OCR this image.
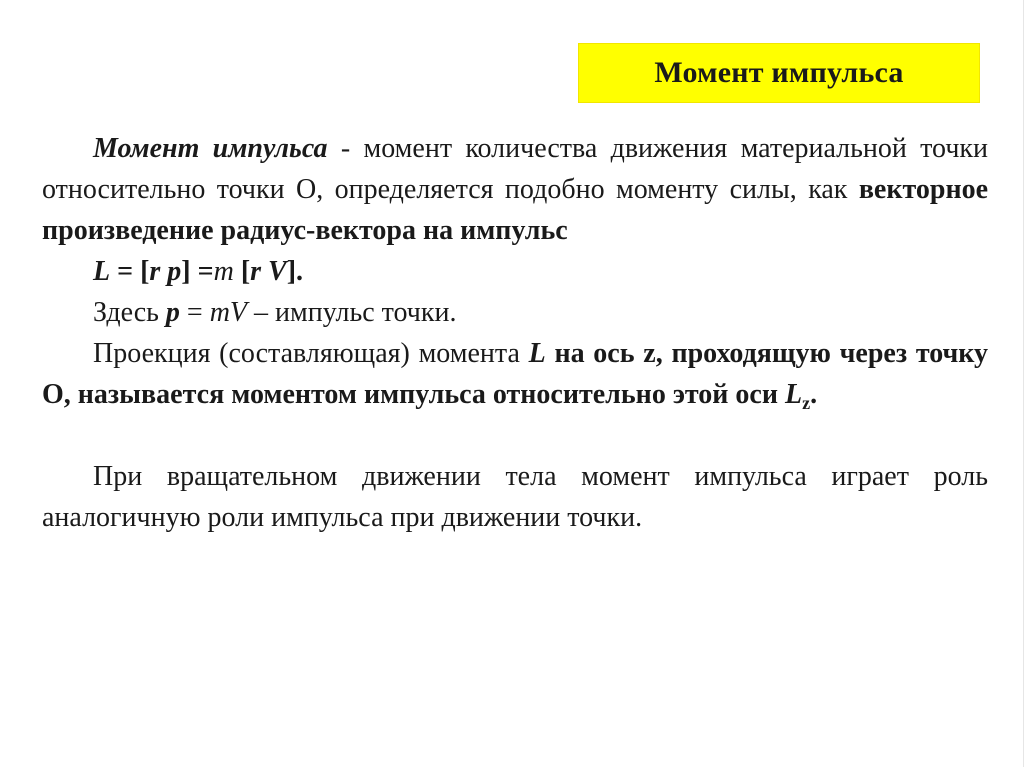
Момент импульса

Момент импульса - момент количества движения материальной точки относительно точки О, определяется подобно моменту силы, как векторное произведение радиус-вектора на импульс

L = [r p] =m [r V].

Здесь p = mV – импульс точки.

Проекция (составляющая) момента L на ось z, проходящую через точку О, называется моментом импульса относительно этой оси $L_z$.

При вращательном движении тела момент импульса играет роль аналогичную роли импульса при движении точки.
